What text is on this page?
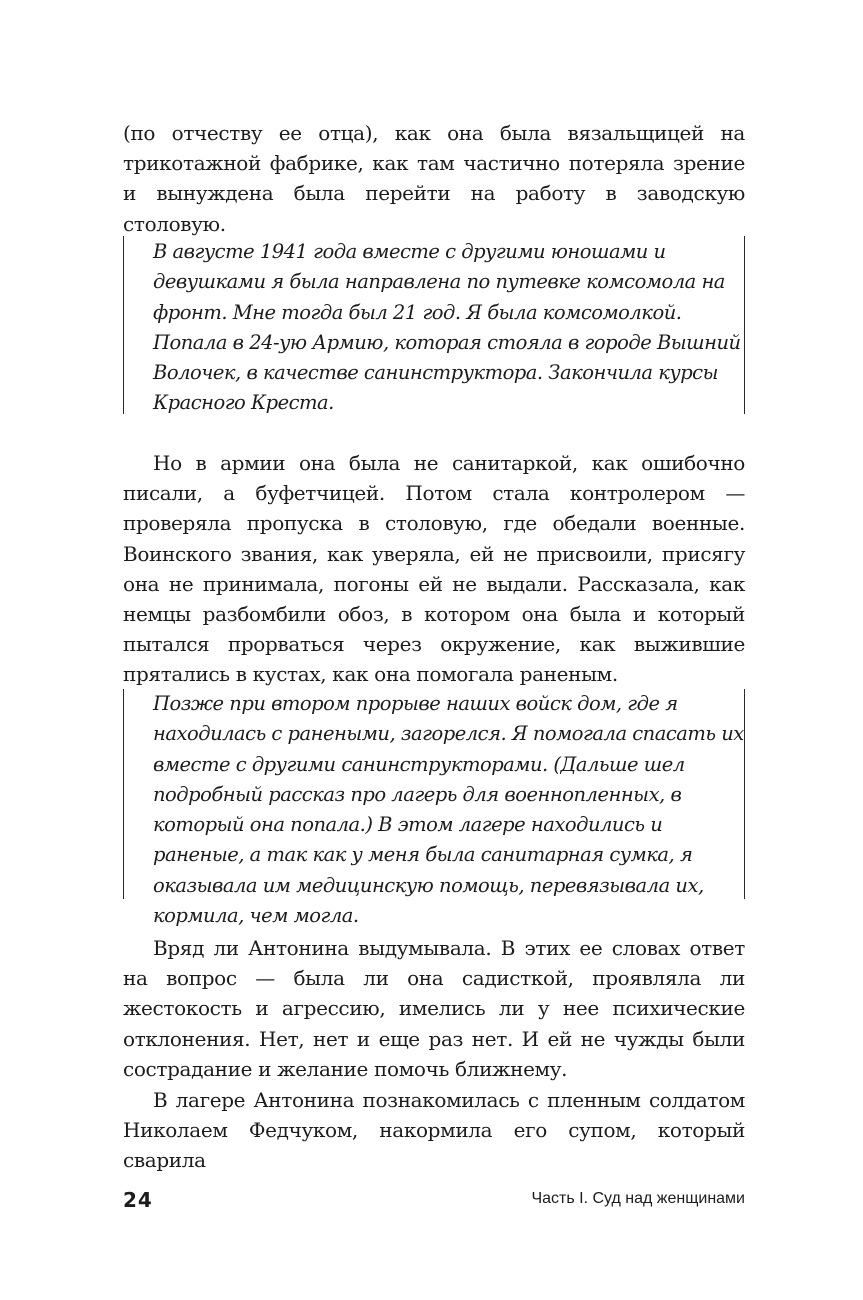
(по отчеству ее отца), как она была вязальщицей на трикотажной фабрике, как там частично потеряла зрение и вынуждена была перейти на работу в заводскую столовую.

В августе 1941 года вместе с другими юношами и девушками я была направлена по путевке комсомола на фронт. Мне тогда был 21 год. Я была комсомолкой. Попала в 24-ую Армию, которая стояла в городе Вышний Волочек, в качестве санинструктора. Закончила курсы Красного Креста.

Но в армии она была не санитаркой, как ошибочно писали, а буфетчицей. Потом стала контролером — проверяла пропуска в столовую, где обедали военные. Воинского звания, как уверяла, ей не присвоили, присягу она не принимала, погоны ей не выдали. Рассказала, как немцы разбомбили обоз, в котором она была и который пытался прорваться через окружение, как выжившие прятались в кустах, как она помогала раненым.

Позже при втором прорыве наших войск дом, где я находилась с ранеными, загорелся. Я помогала спасать их вместе с другими санинструкторами. (Дальше шел подробный рассказ про лагерь для военнопленных, в который она попала.) В этом лагере находились и раненые, а так как у меня была санитарная сумка, я оказывала им медицинскую помощь, перевязывала их, кормила, чем могла.

Вряд ли Антонина выдумывала. В этих ее словах ответ на вопрос — была ли она садисткой, проявляла ли жестокость и агрессию, имелись ли у нее психические отклонения. Нет, нет и еще раз нет. И ей не чужды были сострадание и желание помочь ближнему.

В лагере Антонина познакомилась с пленным солдатом Николаем Федчуком, накормила его супом, который сварила

24	Часть I. Суд над женщинами
